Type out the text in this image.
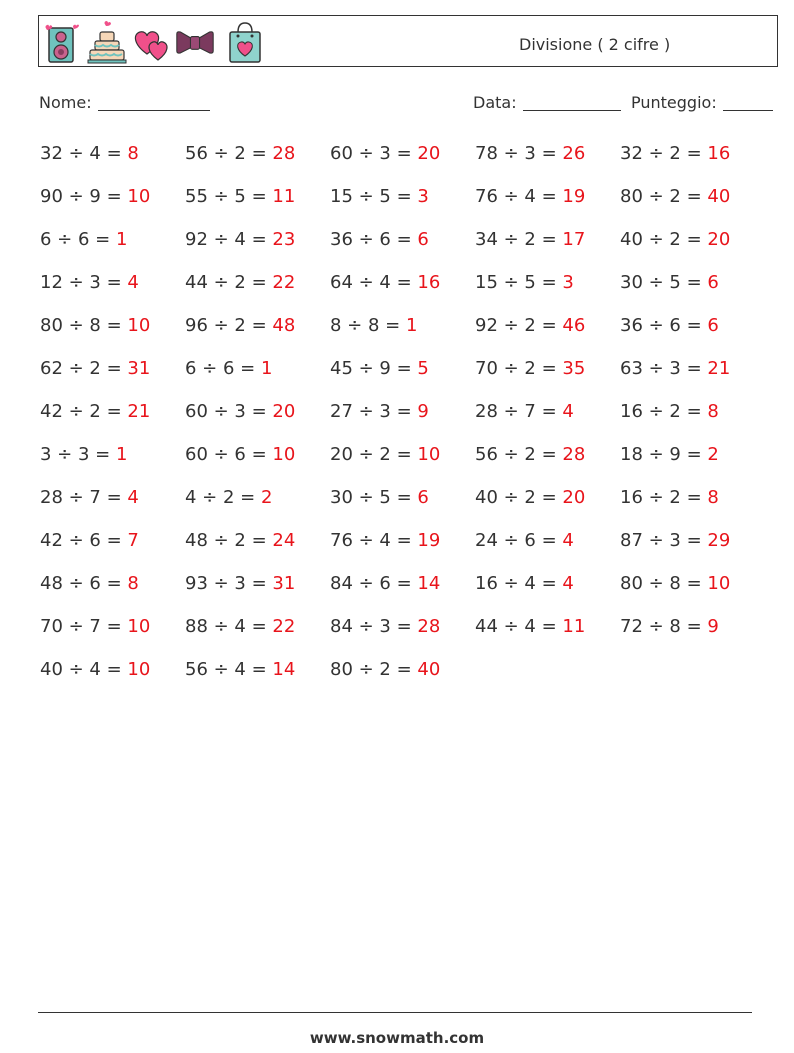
Divisione ( 2 cifre )
Nome:	Data:	Punteggio:
32 ÷ 4 = 8	56 ÷ 2 = 28 60 ÷ 3 = 20 78 ÷ 3 = 26 32 ÷ 2 = 16
90 ÷ 9 = 10 55 ÷ 5 = 11 15 ÷ 5 = 3	76 ÷ 4 = 19 80 ÷ 2 = 40
6 ÷ 6 = 1	92 ÷ 4 = 23 36 ÷ 6 = 6	34 ÷ 2 = 17 40 ÷ 2 = 20
12 ÷ 3 = 4	44 ÷ 2 = 22 64 ÷ 4 = 16 15 ÷ 5 = 3	30 ÷ 5 = 6
80 ÷ 8 = 10 96 ÷ 2 = 48 8 ÷ 8 = 1	92 ÷ 2 = 46 36 ÷ 6 = 6
62 ÷ 2 = 31 6 ÷ 6 = 1	45 ÷ 9 = 5	70 ÷ 2 = 35 63 ÷ 3 = 21
42 ÷ 2 = 21 60 ÷ 3 = 20 27 ÷ 3 = 9	28 ÷ 7 = 4	16 ÷ 2 = 8
3 ÷ 3 = 1	60 ÷ 6 = 10 20 ÷ 2 = 10 56 ÷ 2 = 28 18 ÷ 9 = 2
28 ÷ 7 = 4	4 ÷ 2 = 2	30 ÷ 5 = 6	40 ÷ 2 = 20 16 ÷ 2 = 8
42 ÷ 6 = 7	48 ÷ 2 = 24 76 ÷ 4 = 19 24 ÷ 6 = 4	87 ÷ 3 = 29
48 ÷ 6 = 8	93 ÷ 3 = 31 84 ÷ 6 = 14 16 ÷ 4 = 4	80 ÷ 8 = 10
70 ÷ 7 = 10 88 ÷ 4 = 22 84 ÷ 3 = 28 44 ÷ 4 = 11 72 ÷ 8 = 9
40 ÷ 4 = 10 56 ÷ 4 = 14 80 ÷ 2 = 40
www.snowmath.com
